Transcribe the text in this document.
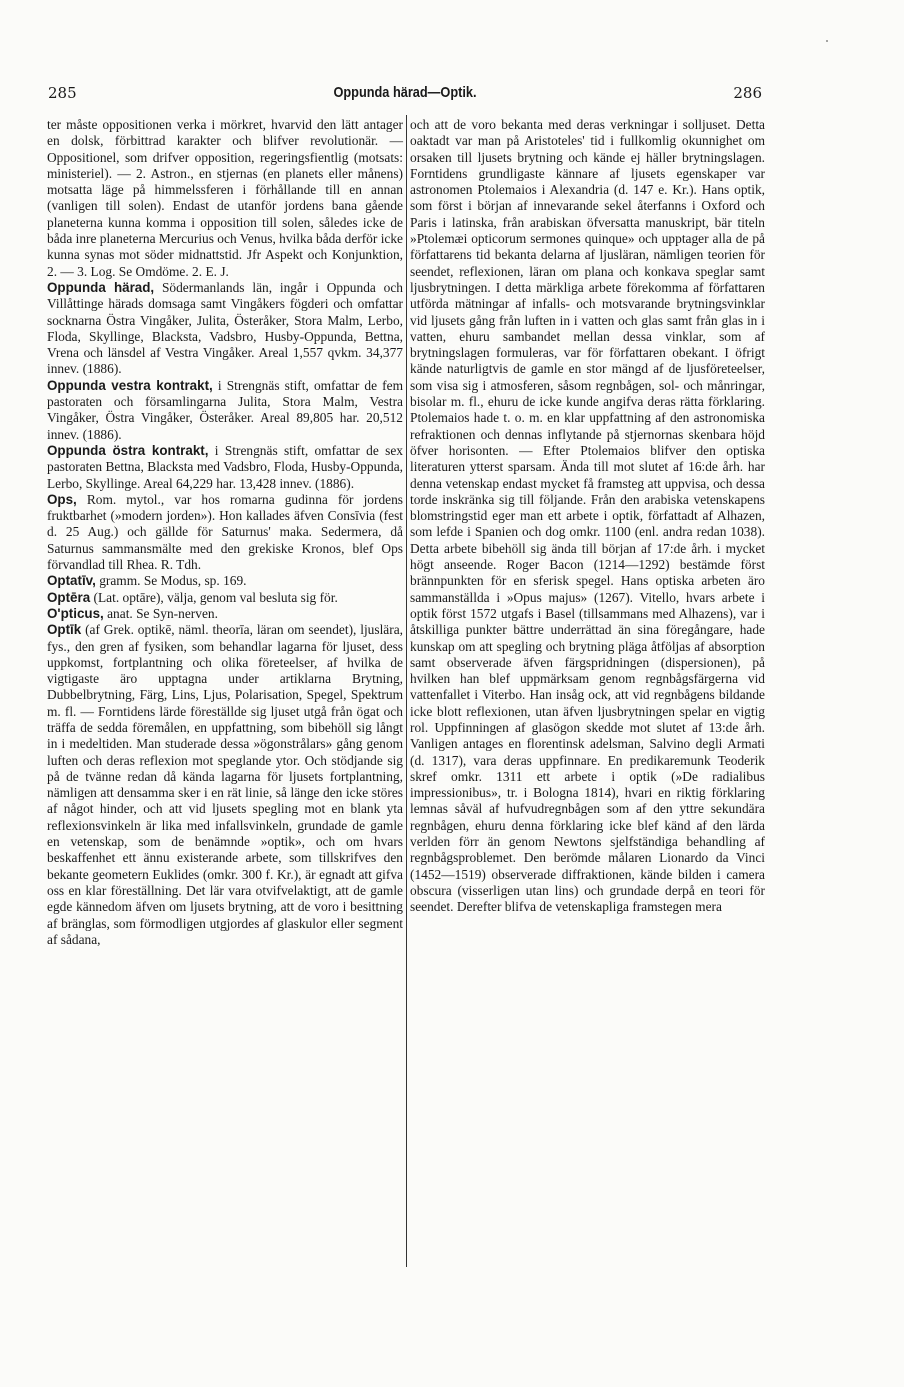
285	Oppunda härad—Optik.	286

ter måste oppositionen verka i mörkret, hvarvid den lätt antager en dolsk, förbittrad karakter och blifver revolutionär. — Oppositionel, som drifver opposition, regeringsfientlig (motsats: ministeriel). — 2. Astron., en stjernas (en planets eller månens) motsatta läge på himmelssferen i förhållande till en annan (vanligen till solen). Endast de utanför jordens bana gående planeterna kunna komma i opposition till solen, således icke de båda inre planeterna Mercurius och Venus, hvilka båda derför icke kunna synas mot söder midnattstid. Jfr Aspekt och Konjunktion, 2. — 3. Log. Se Omdöme. 2. E. J.

Oppunda härad, Södermanlands län, ingår i Oppunda och Villåttinge härads domsaga samt Vingåkers fögderi och omfattar socknarna Östra Vingåker, Julita, Österåker, Stora Malm, Lerbo, Floda, Skyllinge, Blacksta, Vadsbro, Husby-Oppunda, Bettna, Vrena och länsdel af Vestra Vingåker. Areal 1,557 qvkm. 34,377 innev. (1886).

Oppunda vestra kontrakt, i Strengnäs stift, omfattar de fem pastoraten och församlingarna Julita, Stora Malm, Vestra Vingåker, Östra Vingåker, Österåker. Areal 89,805 har. 20,512 innev. (1886).

Oppunda östra kontrakt, i Strengnäs stift, omfattar de sex pastoraten Bettna, Blacksta med Vadsbro, Floda, Husby-Oppunda, Lerbo, Skyllinge. Areal 64,229 har. 13,428 innev. (1886).

Ops, Rom. mytol., var hos romarna gudinna för jordens fruktbarhet (»modern jorden»). Hon kallades äfven Consīvia (fest d. 25 Aug.) och gällde för Saturnus' maka. Sedermera, då Saturnus sammansmälte med den grekiske Kronos, blef Ops förvandlad till Rhea. R. Tdh.

Optatīv, gramm. Se Modus, sp. 169.

Optēra (Lat. optāre), välja, genom val besluta sig för.

O'pticus, anat. Se Syn-nerven.

Optīk (af Grek. optikē, näml. theorīa, läran om seendet), ljuslära, fys., den gren af fysiken, som behandlar lagarna för ljuset, dess uppkomst, fortplantning och olika företeelser, af hvilka de vigtigaste äro upptagna under artiklarna Brytning, Dubbelbrytning, Färg, Lins, Ljus, Polarisation, Spegel, Spektrum m. fl. — Forntidens lärde föreställde sig ljuset utgå från ögat och träffa de sedda föremålen, en uppfattning, som bibehöll sig långt in i medeltiden. Man studerade dessa »ögonstrålars» gång genom luften och deras reflexion mot speglande ytor. Och stödjande sig på de tvänne redan då kända lagarna för ljusets fortplantning, nämligen att densamma sker i en rät linie, så länge den icke störes af något hinder, och att vid ljusets spegling mot en blank yta reflexionsvinkeln är lika med infallsvinkeln, grundade de gamle en vetenskap, som de benämnde »optik», och om hvars beskaffenhet ett ännu existerande arbete, som tillskrifves den bekante geometern Euklides (omkr. 300 f. Kr.), är egnadt att gifva oss en klar föreställning. Det lär vara otvifvelaktigt, att de gamle egde kännedom äfven om ljusets brytning, att de voro i besittning af bränglas, som förmodligen utgjordes af glaskulor eller segment af sådana,

och att de voro bekanta med deras verkningar i solljuset. Detta oaktadt var man på Aristoteles' tid i fullkomlig okunnighet om orsaken till ljusets brytning och kände ej häller brytningslagen. Forntidens grundligaste kännare af ljusets egenskaper var astronomen Ptolemaios i Alexandria (d. 147 e. Kr.). Hans optik, som först i början af innevarande sekel återfanns i Oxford och Paris i latinska, från arabiskan öfversatta manuskript, bär titeln »Ptolemæi opticorum sermones quinque» och upptager alla de på författarens tid bekanta delarna af ljusläran, nämligen teorien för seendet, reflexionen, läran om plana och konkava speglar samt ljusbrytningen. I detta märkliga arbete förekomma af författaren utförda mätningar af infalls- och motsvarande brytningsvinklar vid ljusets gång från luften in i vatten och glas samt från glas in i vatten, ehuru sambandet mellan dessa vinklar, som af brytningslagen formuleras, var för författaren obekant. I öfrigt kände naturligtvis de gamle en stor mängd af de ljusföreteelser, som visa sig i atmosferen, såsom regnbågen, sol- och månringar, bisolar m. fl., ehuru de icke kunde angifva deras rätta förklaring. Ptolemaios hade t. o. m. en klar uppfattning af den astronomiska refraktionen och dennas inflytande på stjernornas skenbara höjd öfver horisonten. — Efter Ptolemaios blifver den optiska literaturen ytterst sparsam. Ända till mot slutet af 16:de årh. har denna vetenskap endast mycket få framsteg att uppvisa, och dessa torde inskränka sig till följande. Från den arabiska vetenskapens blomstringstid eger man ett arbete i optik, författadt af Alhazen, som lefde i Spanien och dog omkr. 1100 (enl. andra redan 1038). Detta arbete bibehöll sig ända till början af 17:de årh. i mycket högt anseende. Roger Bacon (1214—1292) bestämde först brännpunkten för en sferisk spegel. Hans optiska arbeten äro sammanställda i »Opus majus» (1267). Vitello, hvars arbete i optik först 1572 utgafs i Basel (tillsammans med Alhazens), var i åtskilliga punkter bättre underrättad än sina föregångare, hade kunskap om att spegling och brytning pläga åtföljas af absorption samt observerade äfven färgspridningen (dispersionen), på hvilken han blef uppmärksam genom regnbågsfärgerna vid vattenfallet i Viterbo. Han insåg ock, att vid regnbågens bildande icke blott reflexionen, utan äfven ljusbrytningen spelar en vigtig rol. Uppfinningen af glasögon skedde mot slutet af 13:de årh. Vanligen antages en florentinsk adelsman, Salvino degli Armati (d. 1317), vara deras uppfinnare. En predikaremunk Teoderik skref omkr. 1311 ett arbete i optik (»De radialibus impressionibus», tr. i Bologna 1814), hvari en riktig förklaring lemnas såväl af hufvudregnbågen som af den yttre sekundära regnbågen, ehuru denna förklaring icke blef känd af den lärda verlden förr än genom Newtons sjelfständiga behandling af regnbågsproblemet. Den berömde målaren Lionardo da Vinci (1452—1519) observerade diffraktionen, kände bilden i camera obscura (visserligen utan lins) och grundade derpå en teori för seendet. Derefter blifva de vetenskapliga framstegen mera
